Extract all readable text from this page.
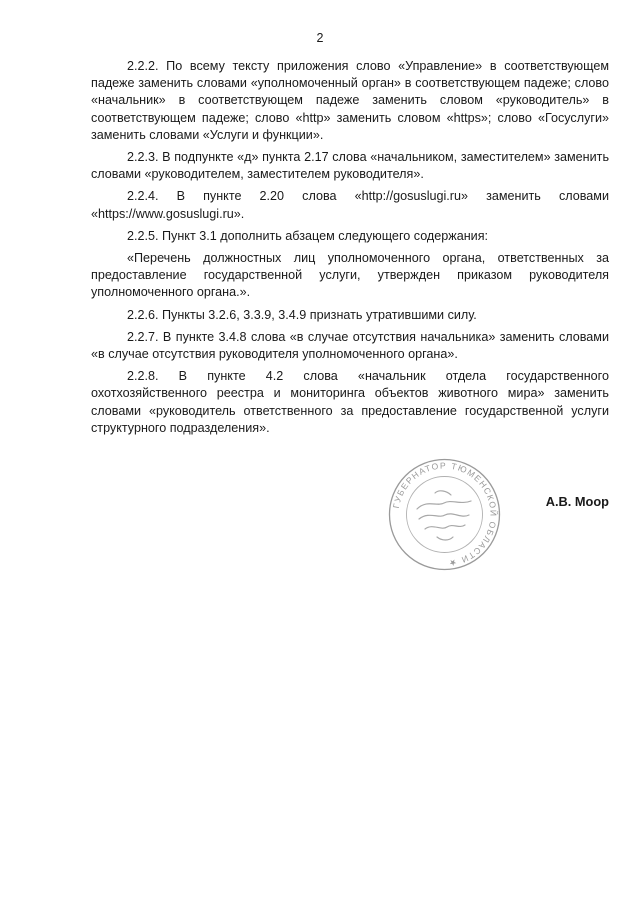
2

2.2.2. По всему тексту приложения слово «Управление» в соответствующем падеже заменить словами «уполномоченный орган» в соответствующем падеже; слово «начальник» в соответствующем падеже заменить словом «руководитель» в соответствующем падеже; слово «http» заменить словом «https»; слово «Госуслуги» заменить словами «Услуги и функции».

2.2.3. В подпункте «д» пункта 2.17 слова «начальником, заместителем» заменить словами «руководителем, заместителем руководителя».

2.2.4. В пункте 2.20 слова «http://gosuslugi.ru» заменить словами «https://www.gosuslugi.ru».

2.2.5. Пункт 3.1 дополнить абзацем следующего содержания:

«Перечень должностных лиц уполномоченного органа, ответственных за предоставление государственной услуги, утвержден приказом руководителя уполномоченного органа.».

2.2.6. Пункты 3.2.6, 3.3.9, 3.4.9 признать утратившими силу.

2.2.7. В пункте 3.4.8 слова «в случае отсутствия начальника» заменить словами «в случае отсутствия руководителя уполномоченного органа».

2.2.8. В пункте 4.2 слова «начальник отдела государственного охотхозяйственного реестра и мониторинга объектов животного мира» заменить словами «руководитель ответственного за предоставление государственной услуги структурного подразделения».

ГУБЕРНАТОР ТЮМЕНСКОЙ ОБЛАСТИ ★
А.В. Моор
